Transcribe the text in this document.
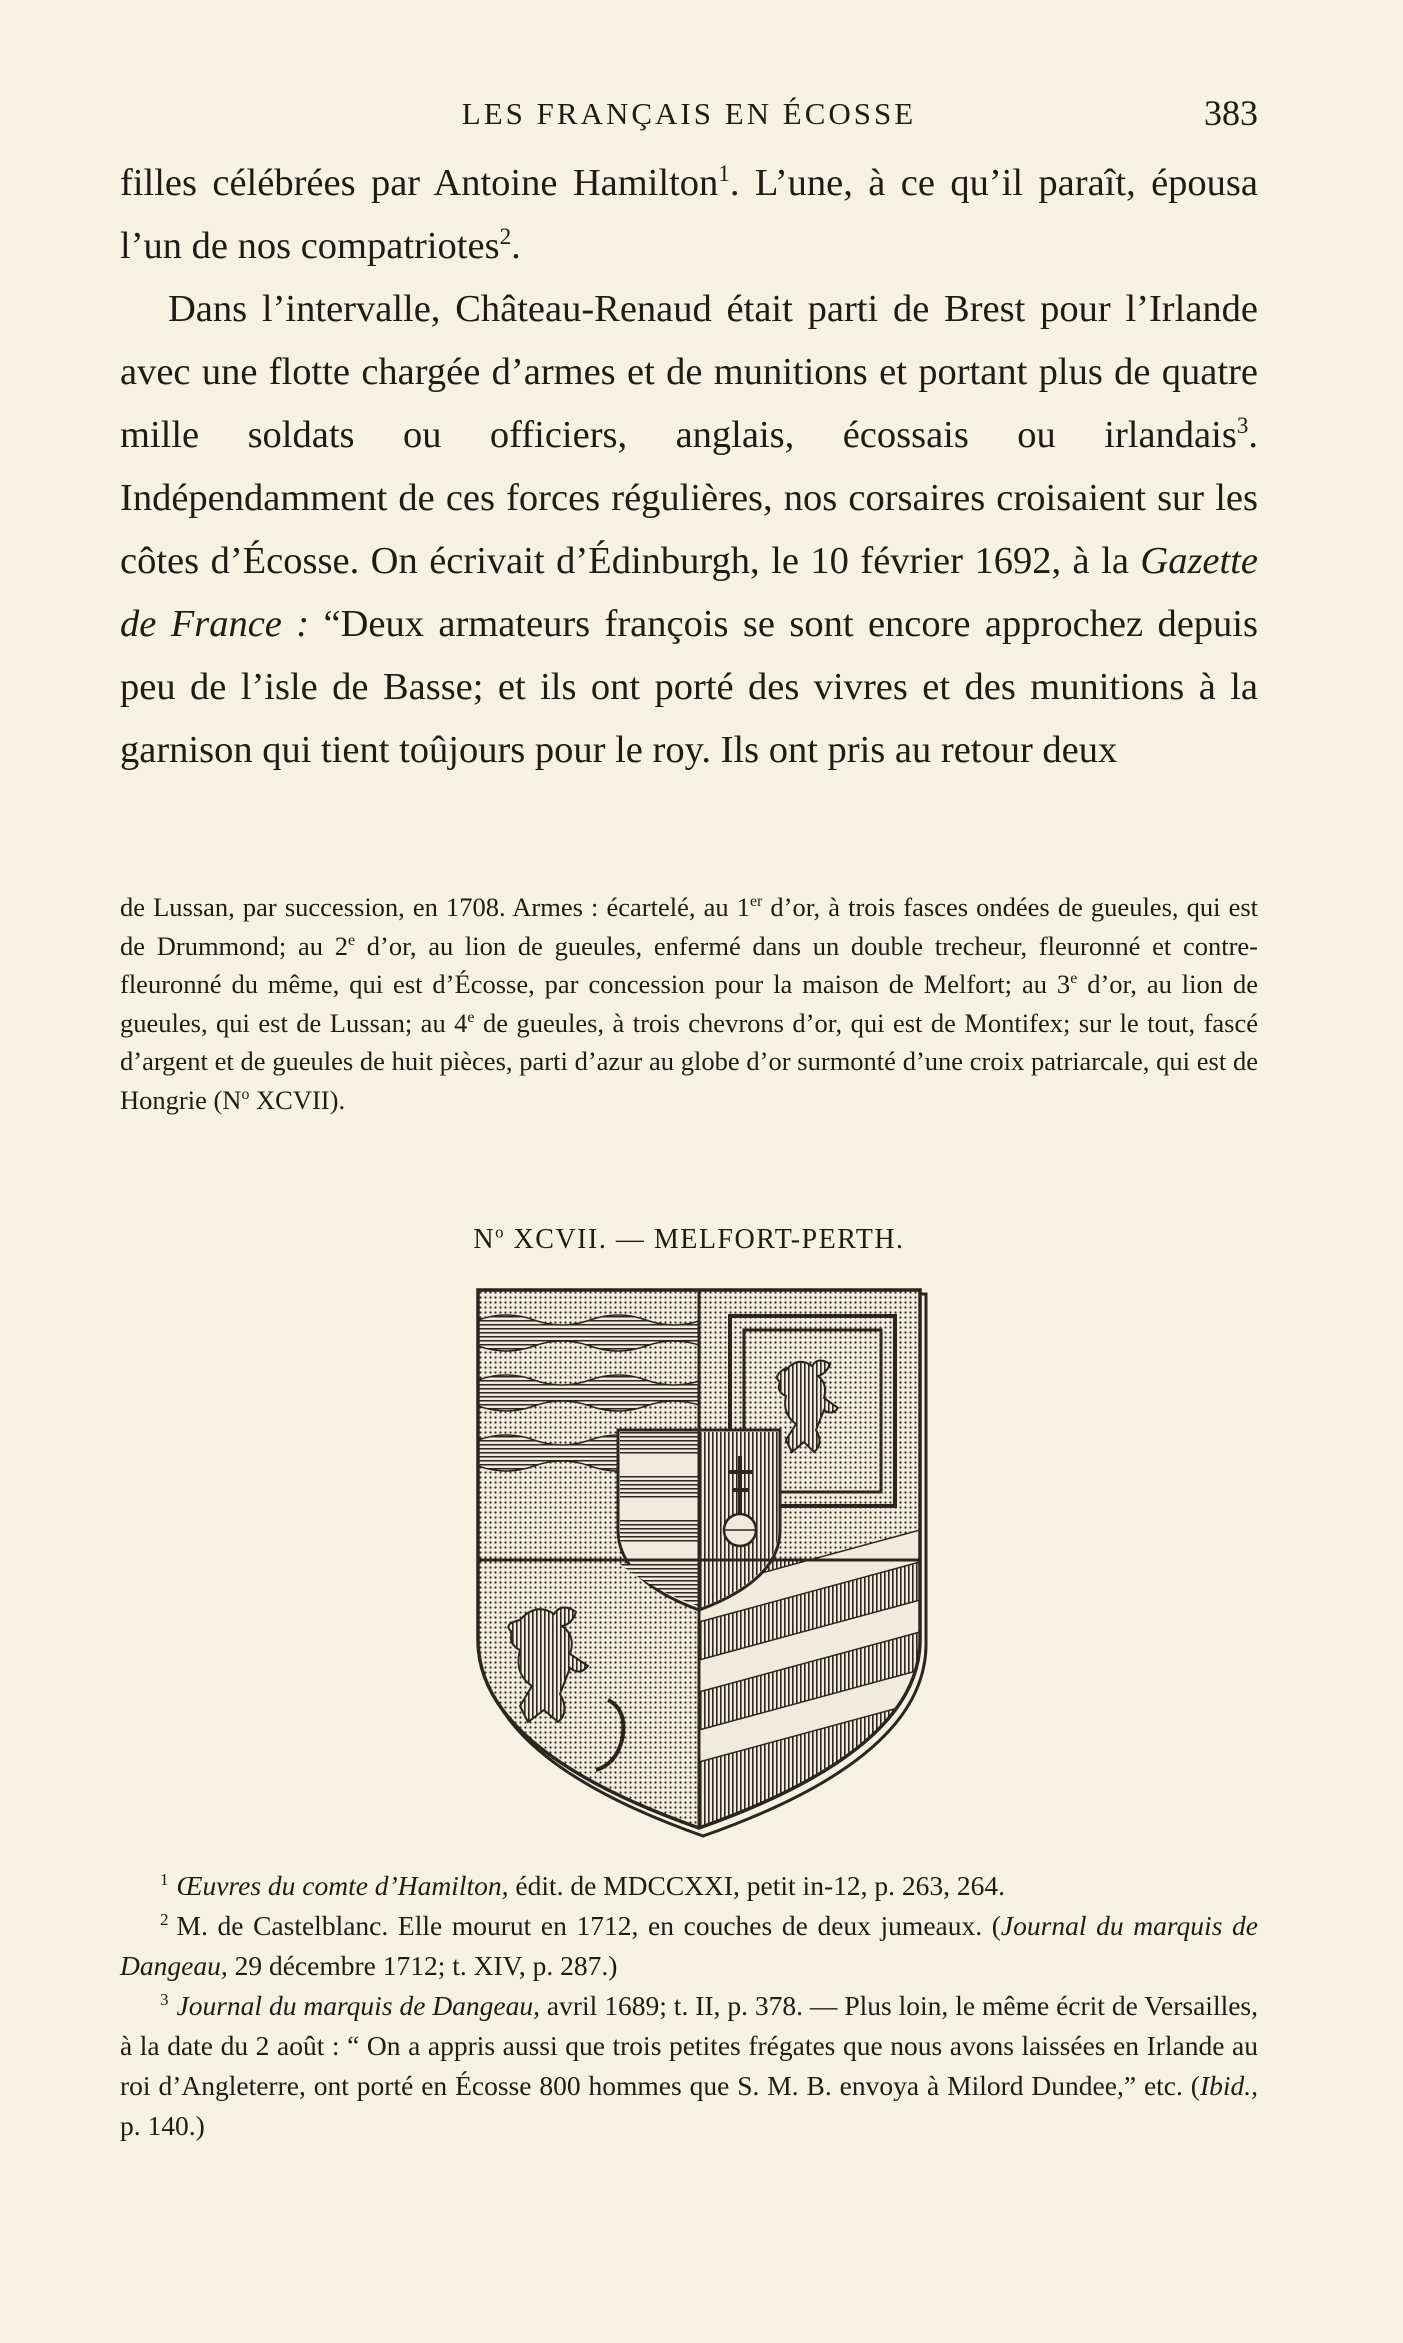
LES FRANÇAIS EN ÉCOSSE	383

filles célébrées par Antoine Hamilton$^1$. L’une, à ce qu’il paraît, épousa l’un de nos compatriotes$^2$.

Dans l’intervalle, Château-Renaud était parti de Brest pour l’Irlande avec une flotte chargée d’armes et de munitions et portant plus de quatre mille soldats ou officiers, anglais, écossais ou irlandais$^3$. Indépendamment de ces forces régulières, nos corsaires croisaient sur les côtes d’Écosse. On écrivait d’Édinburgh, le 10 février 1692, à la Gazette de France : “Deux armateurs françois se sont encore approchez depuis peu de l’isle de Basse; et ils ont porté des vivres et des munitions à la garnison qui tient toûjours pour le roy. Ils ont pris au retour deux

de Lussan, par succession, en 1708. Armes : écartelé, au 1er d’or, à trois fasces ondées de gueules, qui est de Drummond; au 2e d’or, au lion de gueules, enfermé dans un double trecheur, fleuronné et contre-fleuronné du même, qui est d’Écosse, par concession pour la maison de Melfort; au 3e d’or, au lion de gueules, qui est de Lussan; au 4e de gueules, à trois chevrons d’or, qui est de Montifex; sur le tout, fascé d’argent et de gueules de huit pièces, parti d’azur au globe d’or surmonté d’une croix patriarcale, qui est de Hongrie ($N^o$ XCVII).
$N^o$ XCVII. — MELFORT-PERTH.

$^1$ Œuvres du comte d’Hamilton, édit. de MDCCXXI, petit in-12, p. 263, 264.

$^2$ M. de Castelblanc. Elle mourut en 1712, en couches de deux jumeaux. (Journal du marquis de Dangeau, 29 décembre 1712; t. XIV, p. 287.)

$^3$ Journal du marquis de Dangeau, avril 1689; t. II, p. 378. — Plus loin, le même écrit de Versailles, à la date du 2 août : “ On a appris aussi que trois petites frégates que nous avons laissées en Irlande au roi d’Angleterre, ont porté en Écosse 800 hommes que S. M. B. envoya à Milord Dundee,” etc. (Ibid., p. 140.)
